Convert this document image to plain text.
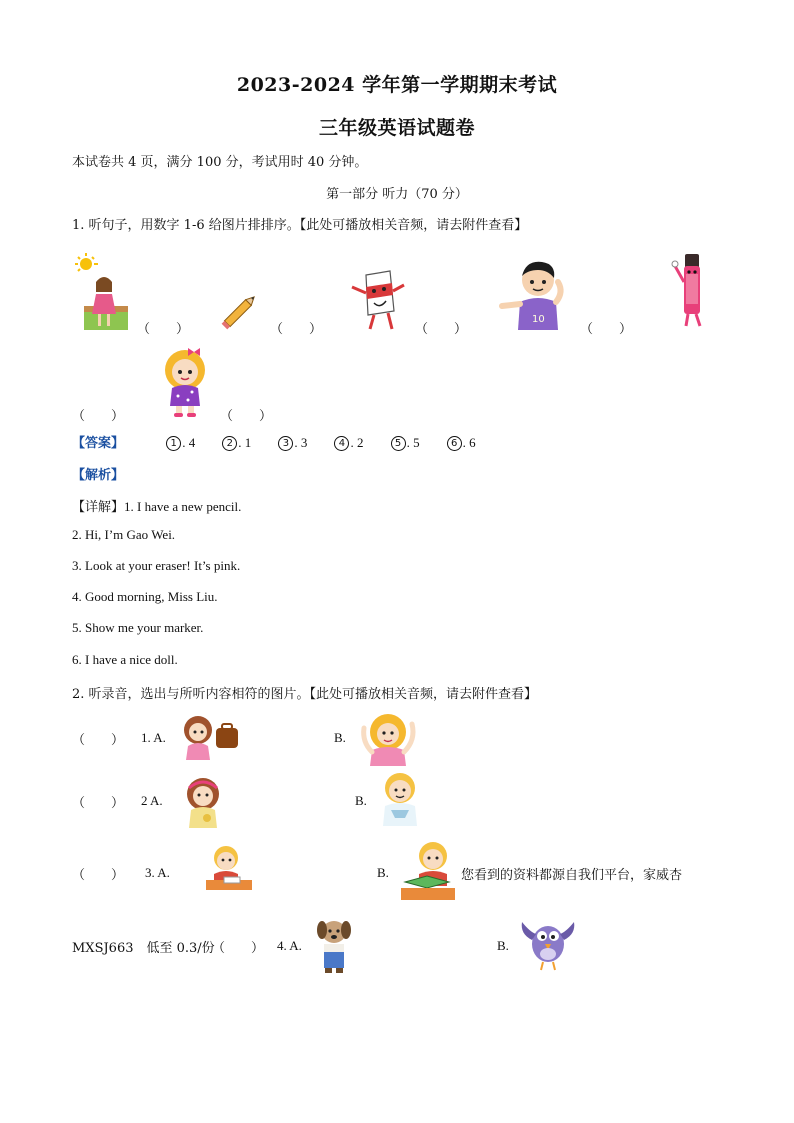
2023-2024 学年第一学期期末考试
三年级英语试题卷
本试卷共 4 页，满分 100 分，考试用时 40 分钟。
第一部分 听力（70 分）
1. 听句子，用数字 1-6 给图片排排序。【此处可播放相关音频，请去附件查看】
（　　）	（　　）	（　　）
10
（　　）
（　　）	（　　）
【答案】	1 . 4	2 . 1	3 . 3	4 . 2	5 . 5	6 . 6
【解析】
【详解】1. I have a new pencil.
2. Hi, I’m Gao Wei.
3. Look at your eraser! It’s pink.
4. Good morning, Miss Liu.
5. Show me your marker.
6. I have a nice doll.
2. 听录音，选出与所听内容相符的图片。【此处可播放相关音频，请去附件查看】
（　　） 1. A.	B.
（　　） 2 A.	B.
（　　） 3. A.	B.	您看到的资料都源自我们平台，家威杏
MXSJ663　低至 0.3/份
（　　） 4. A.	B.
